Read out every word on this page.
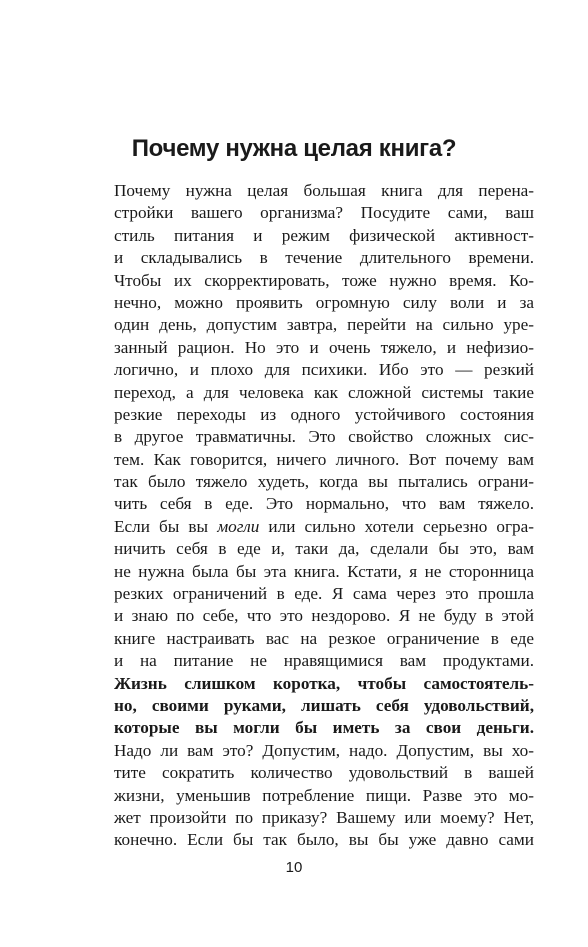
Почему нужна целая книга?
Почему нужна целая большая книга для перена-
стройки вашего организма? Посудите сами, ваш
стиль питания и режим физической активност-
и складывались в течение длительного времени.
Чтобы их скорректировать, тоже нужно время. Ко-
нечно, можно проявить огромную силу воли и за
один день, допустим завтра, перейти на сильно уре-
занный рацион. Но это и очень тяжело, и нефизио-
логично, и плохо для психики. Ибо это — резкий
переход, а для человека как сложной системы такие
резкие переходы из одного устойчивого состояния
в другое травматичны. Это свойство сложных сис-
тем. Как говорится, ничего личного. Вот почему вам
так было тяжело худеть, когда вы пытались ограни-
чить себя в еде. Это нормально, что вам тяжело.
Если бы вы могли или сильно хотели серьезно огра-
ничить себя в еде и, таки да, сделали бы это, вам
не нужна была бы эта книга. Кстати, я не сторонница
резких ограничений в еде. Я сама через это прошла
и знаю по себе, что это нездорово. Я не буду в этой
книге настраивать вас на резкое ограничение в еде
и на питание не нравящимися вам продуктами.
Жизнь слишком коротка, чтобы самостоятель-
но, своими руками, лишать себя удовольствий,
которые вы могли бы иметь за свои деньги.
Надо ли вам это? Допустим, надо. Допустим, вы хо-
тите сократить количество удовольствий в вашей
жизни, уменьшив потребление пищи. Разве это мо-
жет произойти по приказу? Вашему или моему? Нет,
конечно. Если бы так было, вы бы уже давно сами
10
